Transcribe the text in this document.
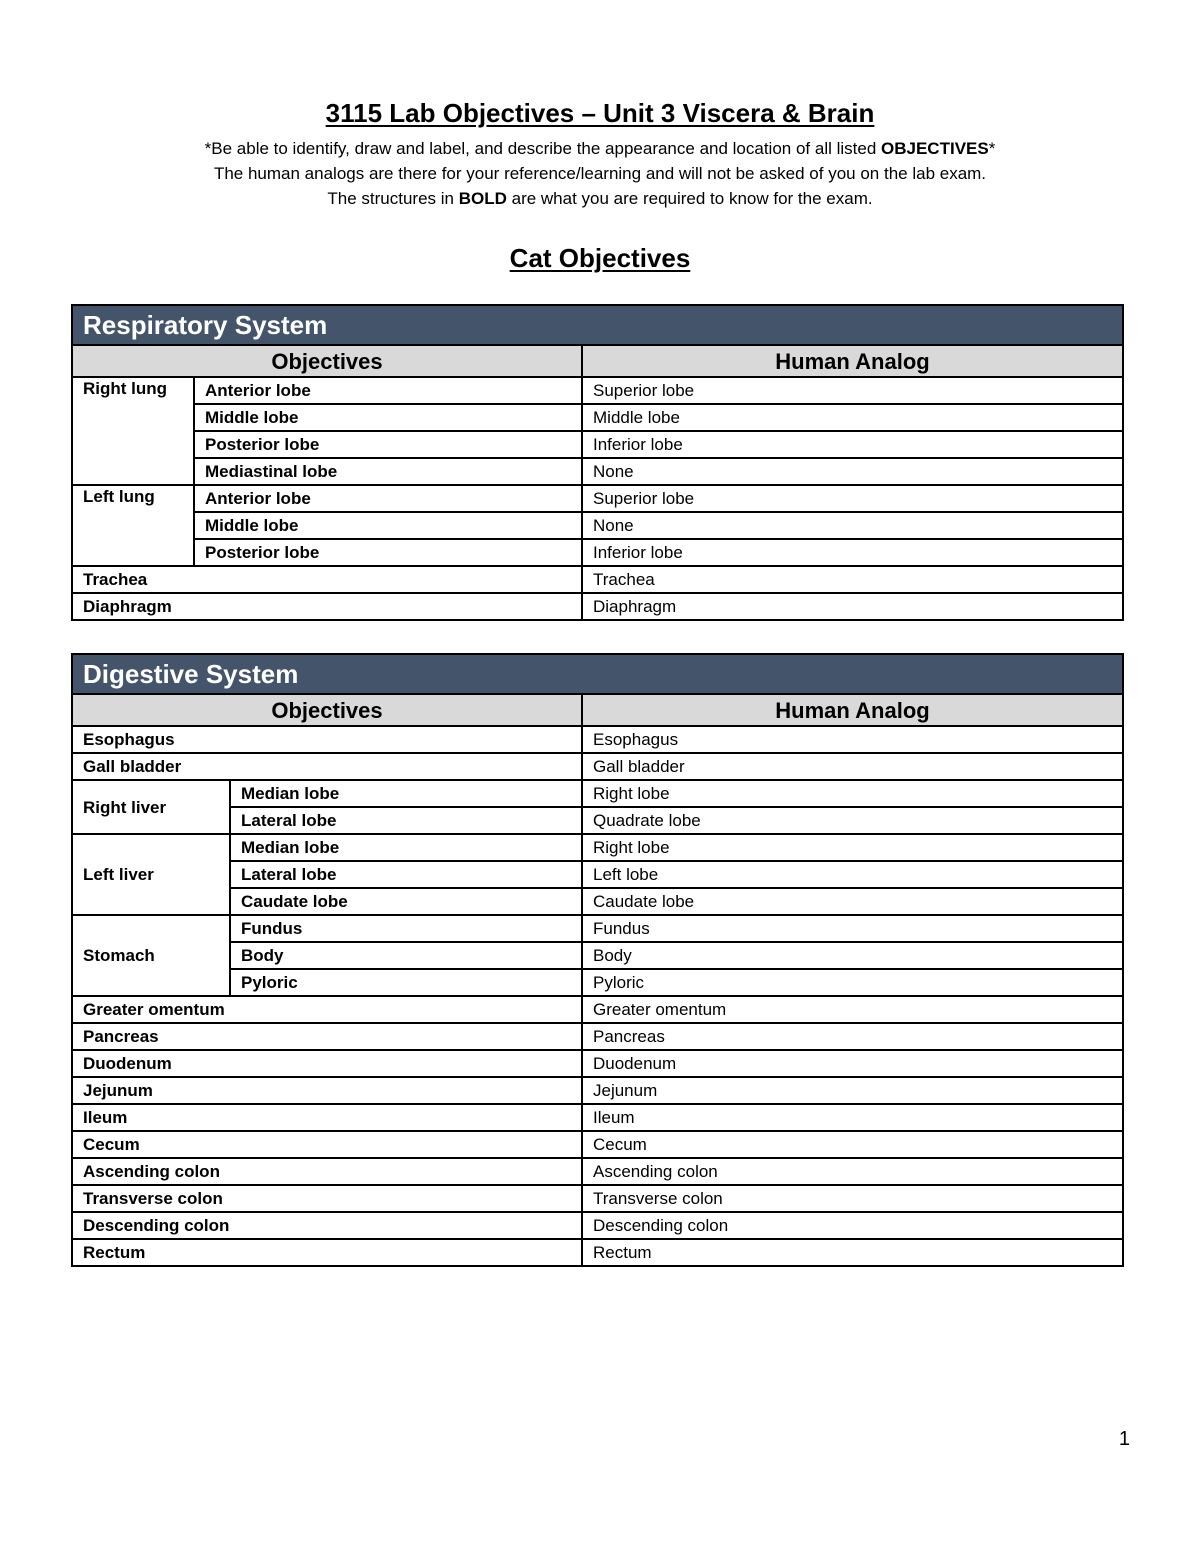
3115 Lab Objectives – Unit 3 Viscera & Brain

*Be able to identify, draw and label, and describe the appearance and location of all listed OBJECTIVES*

The human analogs are there for your reference/learning and will not be asked of you on the lab exam.

The structures in BOLD are what you are required to know for the exam.

Cat Objectives

Respiratory System		
Objectives		Human Analog
Right lung	Anterior lobe	Superior lobe
	Middle lobe	Middle lobe
	Posterior lobe	Inferior lobe
	Mediastinal lobe	None
Left lung	Anterior lobe	Superior lobe
	Middle lobe	None
	Posterior lobe	Inferior lobe
Trachea		Trachea
Diaphragm		Diaphragm
Digestive System		
Objectives		Human Analog
Esophagus		Esophagus
Gall bladder		Gall bladder
Right liver	Median lobe	Right lobe
	Lateral lobe	Quadrate lobe
Left liver	Median lobe	Right lobe
	Lateral lobe	Left lobe
	Caudate lobe	Caudate lobe
Stomach	Fundus	Fundus
	Body	Body
	Pyloric	Pyloric
Greater omentum		Greater omentum
Pancreas		Pancreas
Duodenum		Duodenum
Jejunum		Jejunum
Ileum		Ileum
Cecum		Cecum
Ascending colon		Ascending colon
Transverse colon		Transverse colon
Descending colon		Descending colon
Rectum		Rectum
1
